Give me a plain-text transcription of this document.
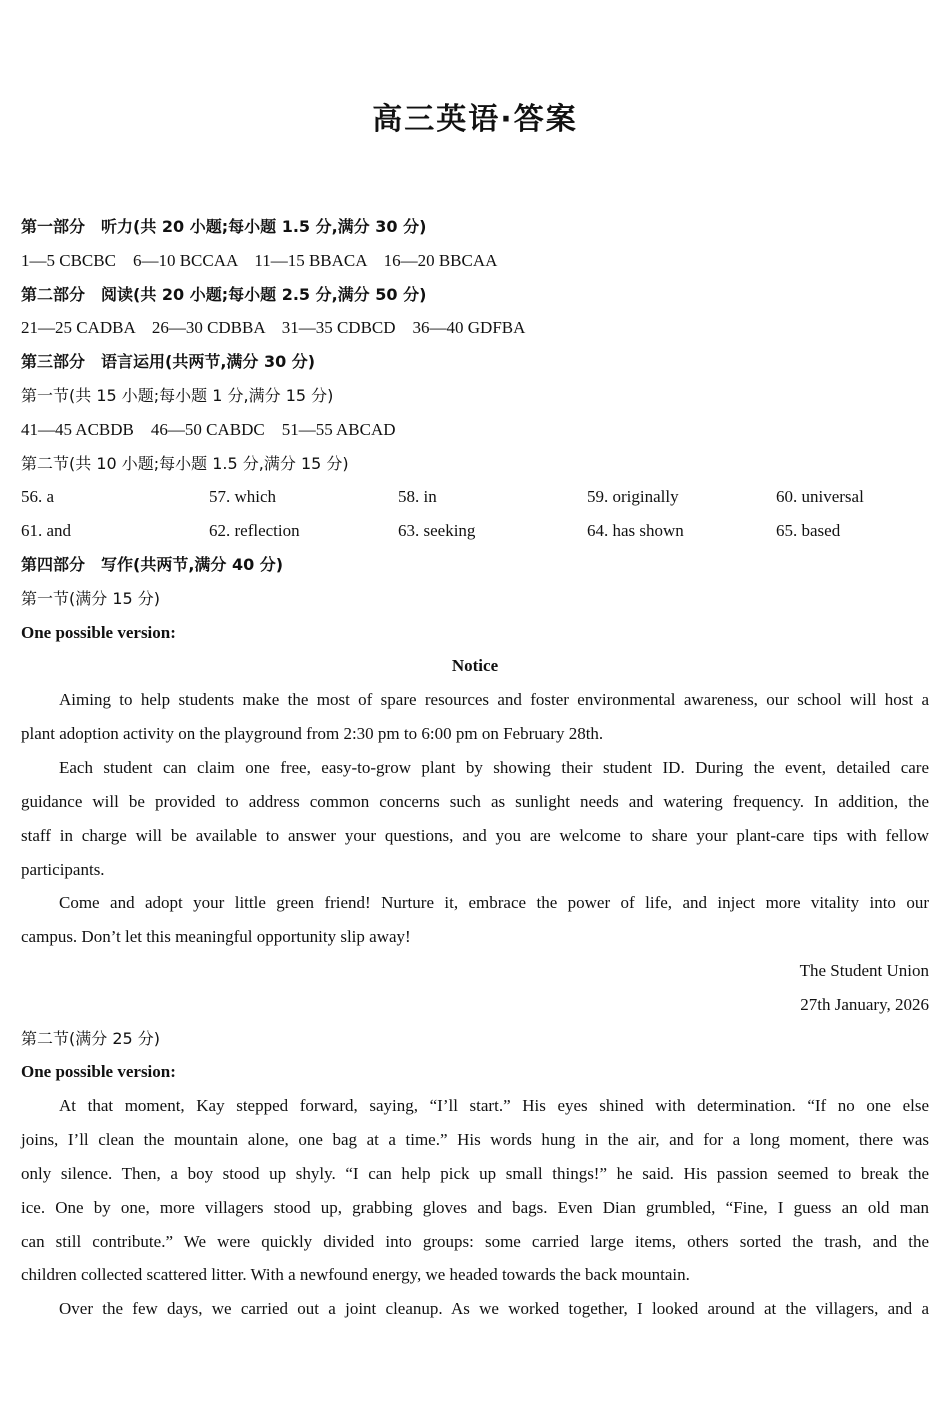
高三英语·答案
第一部分　听力(共 20 小题;每小题 1.5 分,满分 30 分)
1—5 CBCBC　6—10 BCCAA　11—15 BBACA　16—20 BBCAA
第二部分　阅读(共 20 小题;每小题 2.5 分,满分 50 分)
21—25 CADBA　26—30 CDBBA　31—35 CDBCD　36—40 GDFBA
第三部分　语言运用(共两节,满分 30 分)
第一节(共 15 小题;每小题 1 分,满分 15 分)
41—45 ACBDB　46—50 CABDC　51—55 ABCAD
第二节(共 10 小题;每小题 1.5 分,满分 15 分)
56. a	57. which	58. in	59. originally	60. universal
61. and	62. reflection	63. seeking	64. has shown	65. based
第四部分　写作(共两节,满分 40 分)
第一节(满分 15 分)
One possible version:
Notice
Aiming to help students make the most of spare resources and foster environmental awareness, our school will host a
plant adoption activity on the playground from 2:30 pm to 6:00 pm on February 28th.
Each student can claim one free, easy-to-grow plant by showing their student ID. During the event, detailed care
guidance will be provided to address common concerns such as sunlight needs and watering frequency. In addition, the
staff in charge will be available to answer your questions, and you are welcome to share your plant-care tips with fellow
participants.
Come and adopt your little green friend! Nurture it, embrace the power of life, and inject more vitality into our
campus. Don’t let this meaningful opportunity slip away!
The Student Union
27th January, 2026
第二节(满分 25 分)
One possible version:
At that moment, Kay stepped forward, saying, “I’ll start.” His eyes shined with determination. “If no one else
joins, I’ll clean the mountain alone, one bag at a time.” His words hung in the air, and for a long moment, there was
only silence. Then, a boy stood up shyly. “I can help pick up small things!” he said. His passion seemed to break the
ice. One by one, more villagers stood up, grabbing gloves and bags. Even Dian grumbled, “Fine, I guess an old man
can still contribute.” We were quickly divided into groups: some carried large items, others sorted the trash, and the
children collected scattered litter. With a newfound energy, we headed towards the back mountain.
Over the few days, we carried out a joint cleanup. As we worked together, I looked around at the villagers, and a
